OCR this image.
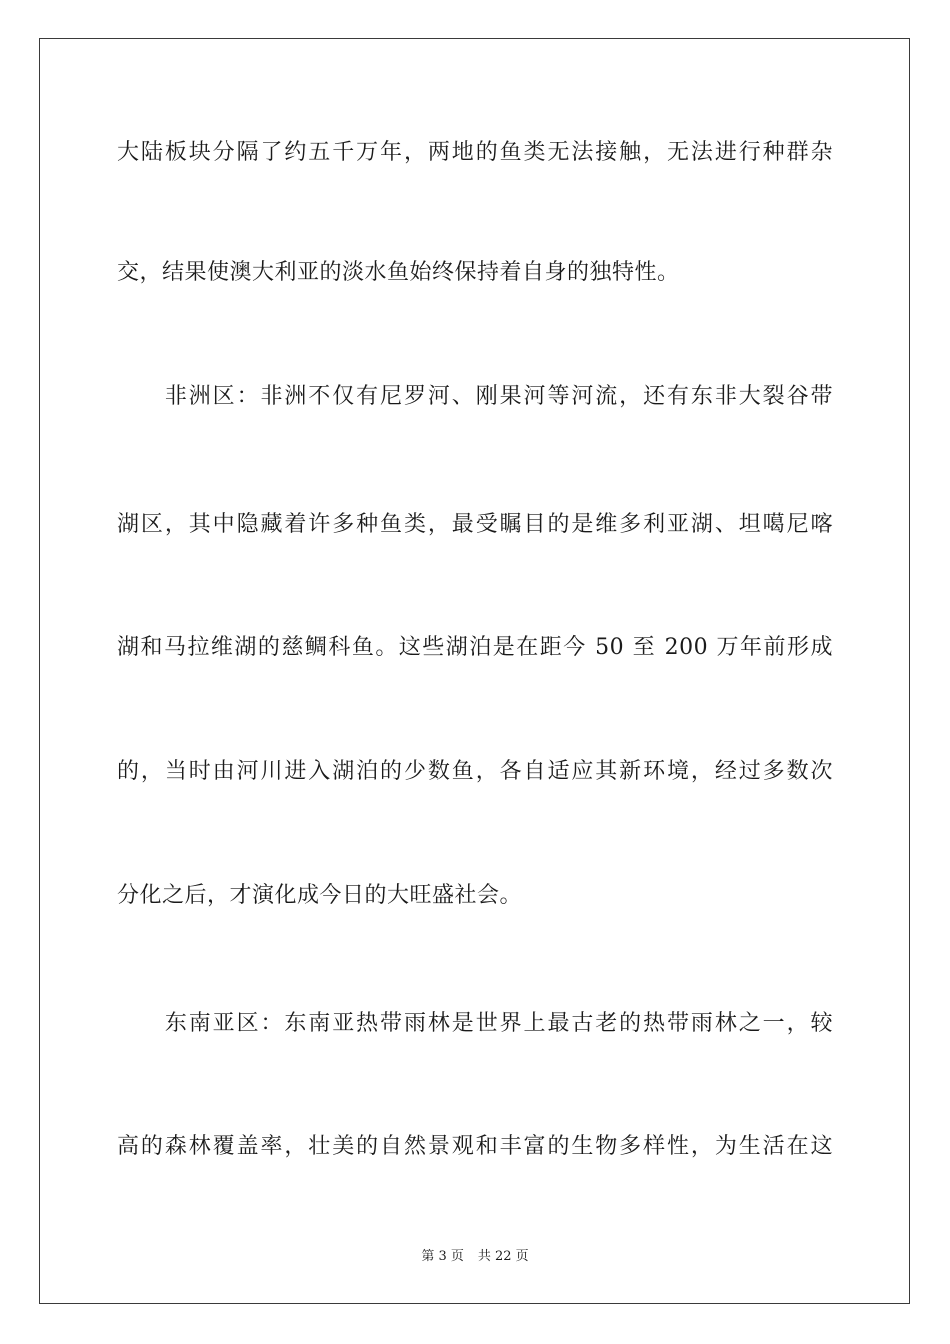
大陆板块分隔了约五千万年，两地的鱼类无法接触，无法进行种群杂
交，结果使澳大利亚的淡水鱼始终保持着自身的独特性。
　　非洲区：非洲不仅有尼罗河、刚果河等河流，还有东非大裂谷带
湖区，其中隐藏着许多种鱼类，最受瞩目的是维多利亚湖、坦噶尼喀
湖和马拉维湖的慈鲷科鱼。这些湖泊是在距今 50 至 200 万年前形成
的，当时由河川进入湖泊的少数鱼，各自适应其新环境，经过多数次
分化之后，才演化成今日的大旺盛社会。
　　东南亚区：东南亚热带雨林是世界上最古老的热带雨林之一，较
高的森林覆盖率，壮美的自然景观和丰富的生物多样性，为生活在这
第 3 页 共 22 页
